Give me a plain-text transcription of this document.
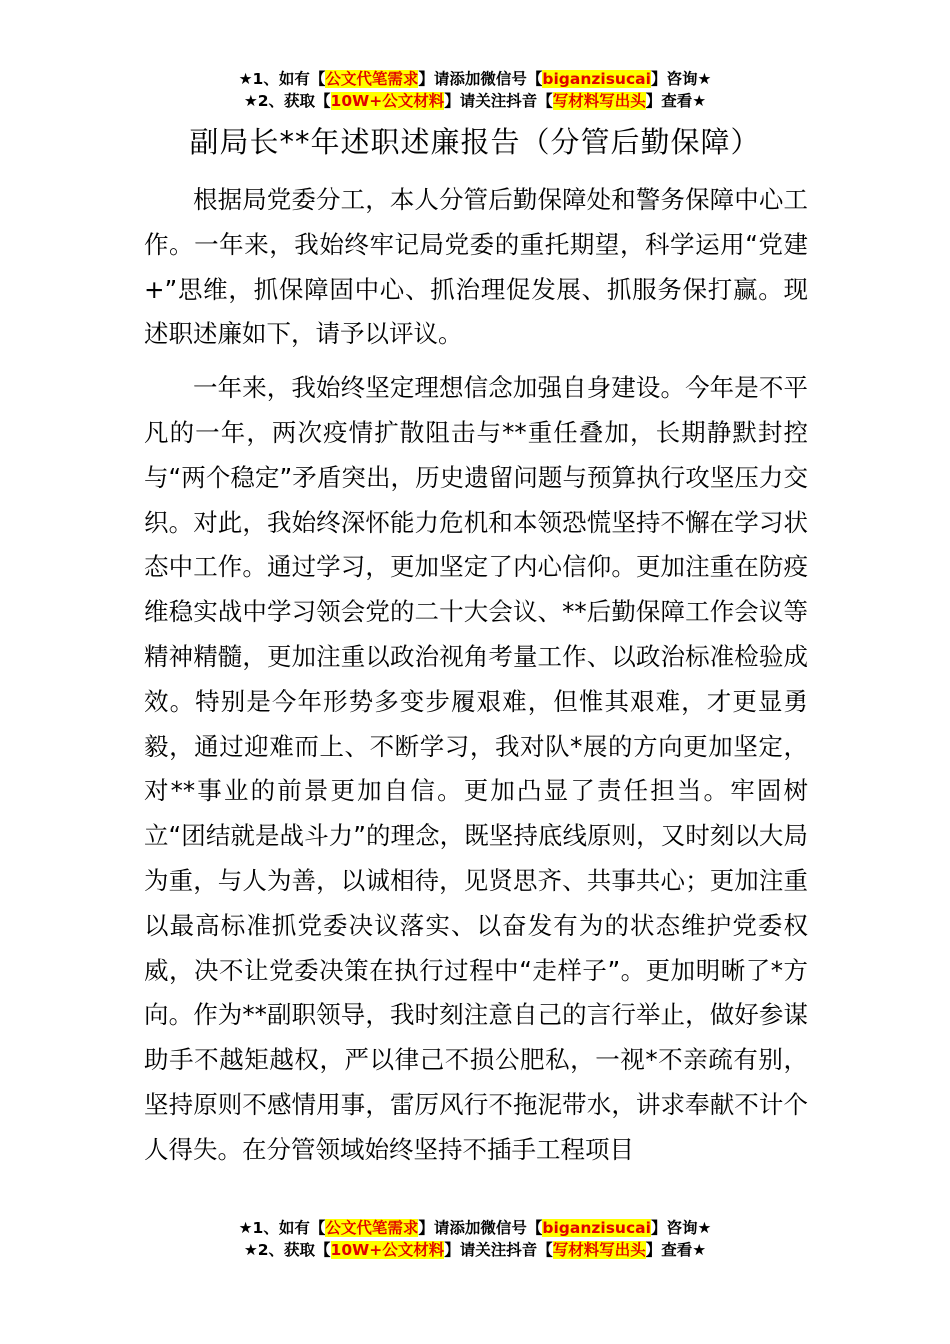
★1、如有【公文代笔需求】请添加微信号【biganzisucai】咨询★
★2、获取【10W+公文材料】请关注抖音【写材料写出头】查看★
副局长**年述职述廉报告（分管后勤保障）

根据局党委分工，本人分管后勤保障处和警务保障中心工作。一年来，我始终牢记局党委的重托期望，科学运用“党建+”思维，抓保障固中心、抓治理促发展、抓服务保打赢。现述职述廉如下，请予以评议。

一年来，我始终坚定理想信念加强自身建设。今年是不平凡的一年，两次疫情扩散阻击与**重任叠加，长期静默封控与“两个稳定”矛盾突出，历史遗留问题与预算执行攻坚压力交织。对此，我始终深怀能力危机和本领恐慌坚持不懈在学习状态中工作。通过学习，更加坚定了内心信仰。更加注重在防疫维稳实战中学习领会党的二十大会议、**后勤保障工作会议等精神精髓，更加注重以政治视角考量工作、以政治标准检验成效。特别是今年形势多变步履艰难，但惟其艰难，才更显勇毅，通过迎难而上、不断学习，我对队*展的方向更加坚定，对**事业的前景更加自信。更加凸显了责任担当。牢固树立“团结就是战斗力”的理念，既坚持底线原则，又时刻以大局为重，与人为善，以诚相待，见贤思齐、共事共心；更加注重以最高标准抓党委决议落实、以奋发有为的状态维护党委权威，决不让党委决策在执行过程中“走样子”。更加明晰了*方向。作为**副职领导，我时刻注意自己的言行举止，做好参谋助手不越矩越权，严以律己不损公肥私，一视*不亲疏有别，坚持原则不感情用事，雷厉风行不拖泥带水，讲求奉献不计个人得失。在分管领域始终坚持不插手工程项目

★1、如有【公文代笔需求】请添加微信号【biganzisucai】咨询★
★2、获取【10W+公文材料】请关注抖音【写材料写出头】查看★
